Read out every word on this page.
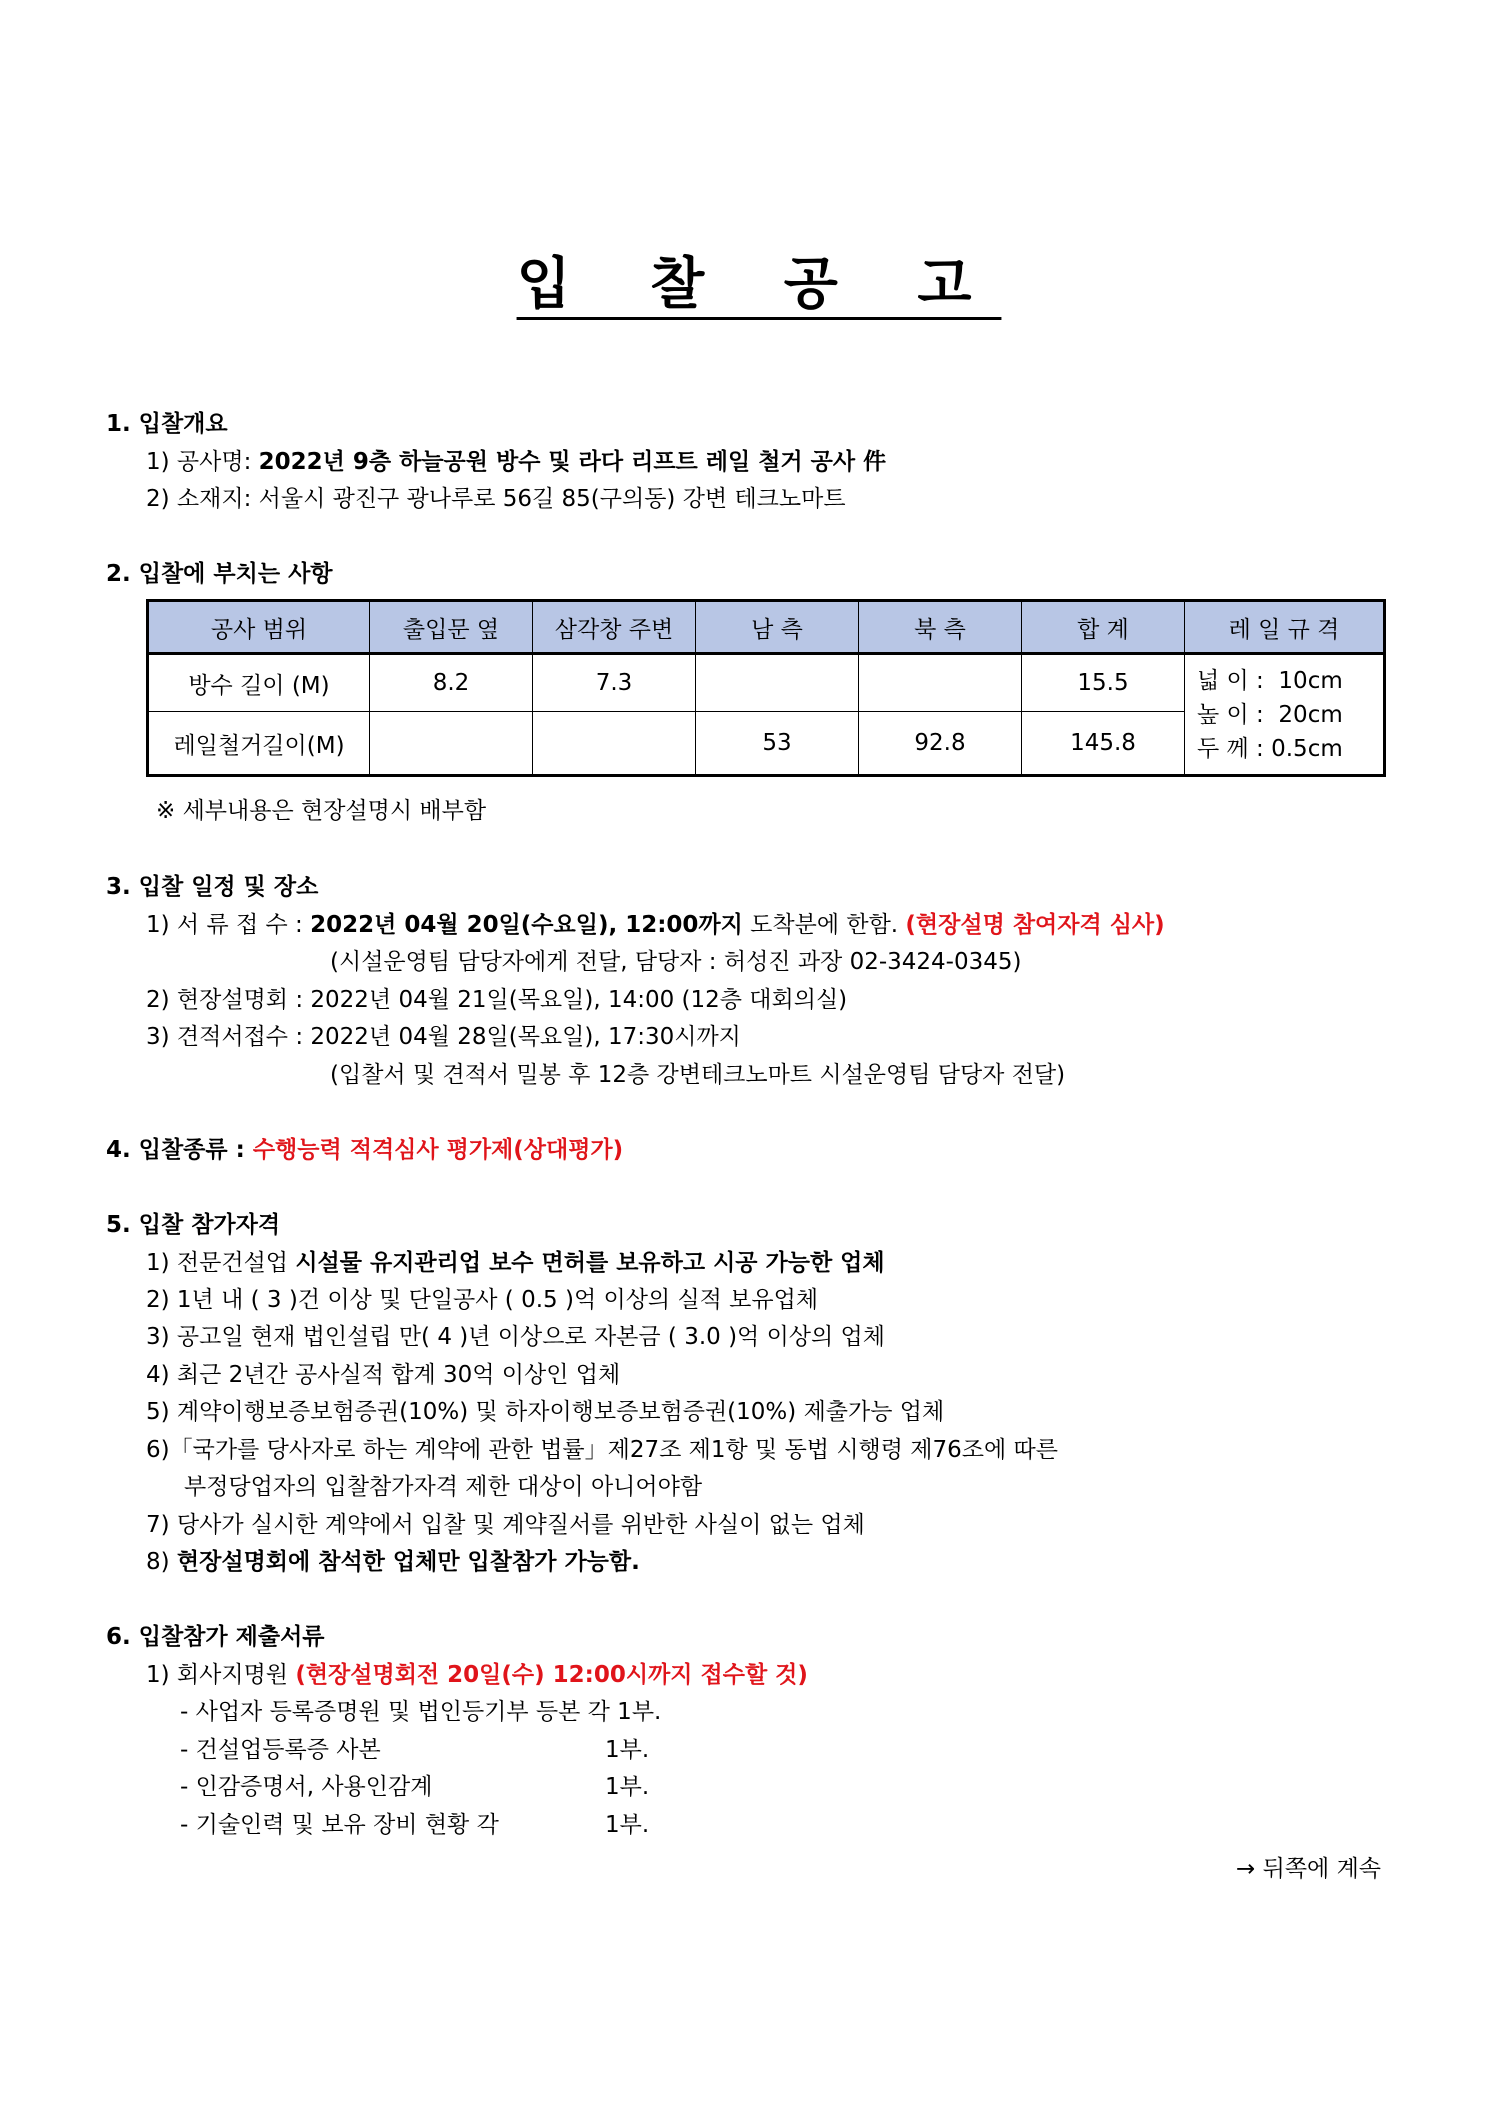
입 찰 공 고
1. 입찰개요
1) 공사명: 2022년 9층 하늘공원 방수 및 라다 리프트 레일 철거 공사 件
2) 소재지: 서울시 광진구 광나루로 56길 85(구의동) 강변 테크노마트
2. 입찰에 부치는 사항
공사 범위	출입문 옆	삼각창 주변	남 측	북 측	합 계	레 일 규 격
방수 길이 (M)	8.2	7.3			15.5	넓 이 :  10cm
높 이 :  20cm
두 께 : 0.5cm

레일철거길이(M)			53	92.8	145.8	
※ 세부내용은 현장설명시 배부함
3. 입찰 일정 및 장소
1) 서 류 접 수 : 2022년 04월 20일(수요일), 12:00까지 도착분에 한함. (현장설명 참여자격 심사)
(시설운영팀 담당자에게 전달, 담당자 : 허성진 과장 02-3424-0345)
2) 현장설명회 : 2022년 04월 21일(목요일), 14:00 (12층 대회의실)
3) 견적서접수 : 2022년 04월 28일(목요일), 17:30시까지
(입찰서 및 견적서 밀봉 후 12층 강변테크노마트 시설운영팀 담당자 전달)
4. 입찰종류 : 수행능력 적격심사 평가제(상대평가)
5. 입찰 참가자격
1) 전문건설업 시설물 유지관리업 보수 면허를 보유하고 시공 가능한 업체
2) 1년 내 ( 3 )건 이상 및 단일공사 ( 0.5 )억 이상의 실적 보유업체
3) 공고일 현재 법인설립 만( 4 )년 이상으로 자본금 ( 3.0 )억 이상의 업체
4) 최근 2년간 공사실적 합계 30억 이상인 업체
5) 계약이행보증보험증권(10%) 및 하자이행보증보험증권(10%) 제출가능 업체
6)「국가를 당사자로 하는 계약에 관한 법률」제27조 제1항 및 동법 시행령 제76조에 따른
부정당업자의 입찰참가자격 제한 대상이 아니어야함
7) 당사가 실시한 계약에서 입찰 및 계약질서를 위반한 사실이 없는 업체
8) 현장설명회에 참석한 업체만 입찰참가 가능함.
6. 입찰참가 제출서류
1) 회사지명원 (현장설명회전 20일(수) 12:00시까지 접수할 것)
- 사업자 등록증명원 및 법인등기부 등본 각 1부.
- 건설업등록증 사본	1부.
- 인감증명서, 사용인감계	1부.
- 기술인력 및 보유 장비 현황 각	1부.
→ 뒤쪽에 계속
